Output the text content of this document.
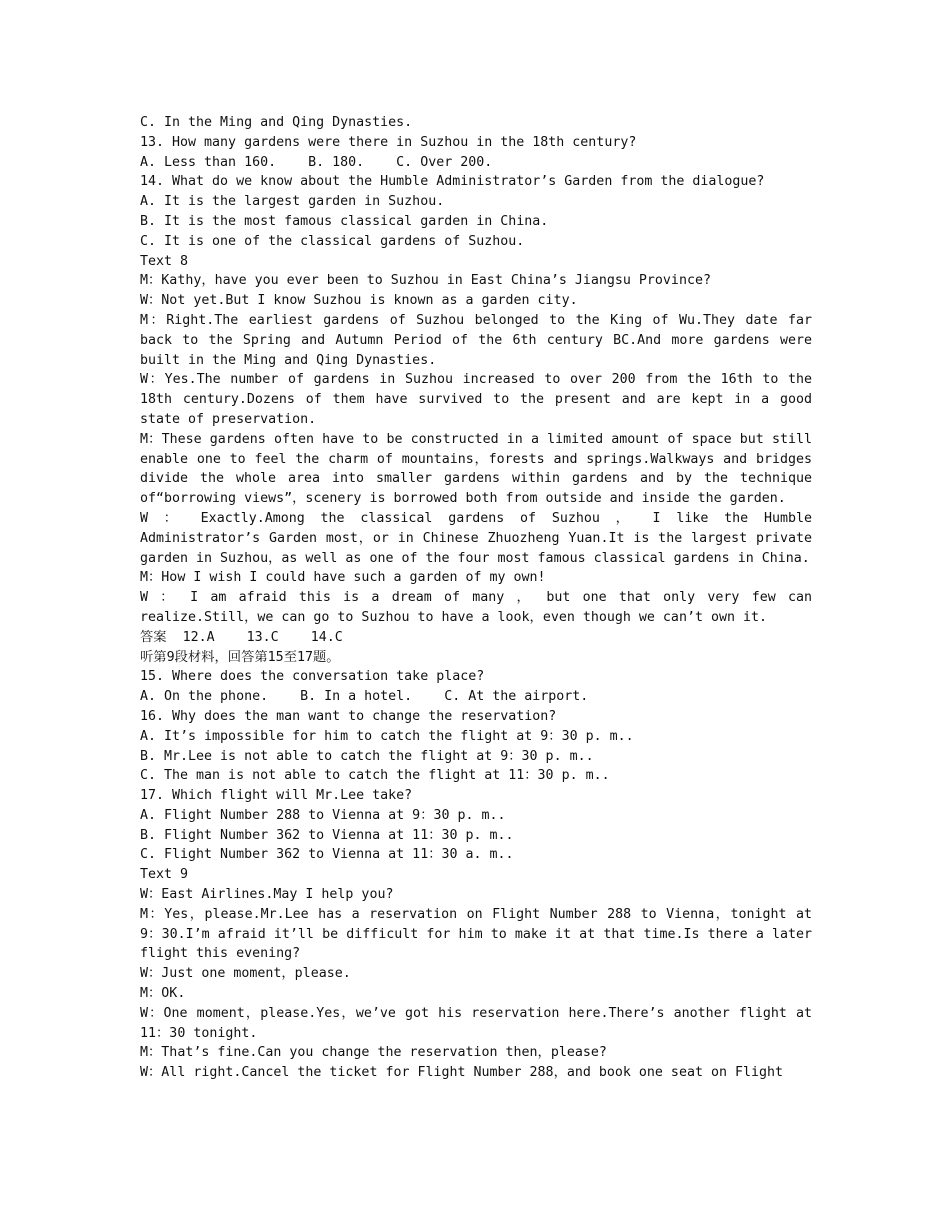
C. In the Ming and Qing Dynasties.
13. How many gardens were there in Suzhou in the 18th century?
A. Less than 160.    B. 180.    C. Over 200.
14. What do we know about the Humble Administrator’s Garden from the dialogue?
A. It is the largest garden in Suzhou.
B. It is the most famous classical garden in China.
C. It is one of the classical gardens of Suzhou.
Text 8
M：Kathy，have you ever been to Suzhou in East China’s Jiangsu Province?
W：Not yet.But I know Suzhou is known as a garden city.
M：Right.The earliest gardens of Suzhou belonged to the King of Wu.They date far back to the Spring and Autumn Period of the 6th century BC.And more gardens were built in the Ming and Qing Dynasties.
W：Yes.The number of gardens in Suzhou increased to over 200 from the 16th to the 18th century.Dozens of them have survived to the present and are kept in a good state of preservation.
M：These gardens often have to be constructed in a limited amount of space but still enable one to feel the charm of mountains，forests and springs.Walkways and bridges divide the whole area into smaller gardens within gardens and by the technique of“borrowing views”，scenery is borrowed both from outside and inside the garden.
W ： Exactly.Among the classical gardens of Suzhou ， I like the Humble Administrator’s Garden most，or in Chinese Zhuozheng Yuan.It is the largest private garden in Suzhou，as well as one of the four most famous classical gardens in China.
M：How I wish I could have such a garden of my own!
W ： I am afraid this is a dream of many ， but one that only very few can realize.Still，we can go to Suzhou to have a look，even though we can’t own it.
答案  12.A    13.C    14.C
听第9段材料，回答第15至17题。
15. Where does the conversation take place?
A. On the phone.    B. In a hotel.    C. At the airport.
16. Why does the man want to change the reservation?
A. It’s impossible for him to catch the flight at 9：30 p. m..
B. Mr.Lee is not able to catch the flight at 9：30 p. m..
C. The man is not able to catch the flight at 11：30 p. m..
17. Which flight will Mr.Lee take?
A. Flight Number 288 to Vienna at 9：30 p. m..
B. Flight Number 362 to Vienna at 11：30 p. m..
C. Flight Number 362 to Vienna at 11：30 a. m..
Text 9
W：East Airlines.May I help you?
M：Yes，please.Mr.Lee has a reservation on Flight Number 288 to Vienna，tonight at 9：30.I’m afraid it’ll be difficult for him to make it at that time.Is there a later flight this evening?
W：Just one moment，please.
M：OK.
W：One moment，please.Yes，we’ve got his reservation here.There’s another flight at 11：30 tonight.
M：That’s fine.Can you change the reservation then，please?
W：All right.Cancel the ticket for Flight Number 288，and book one seat on Flight
